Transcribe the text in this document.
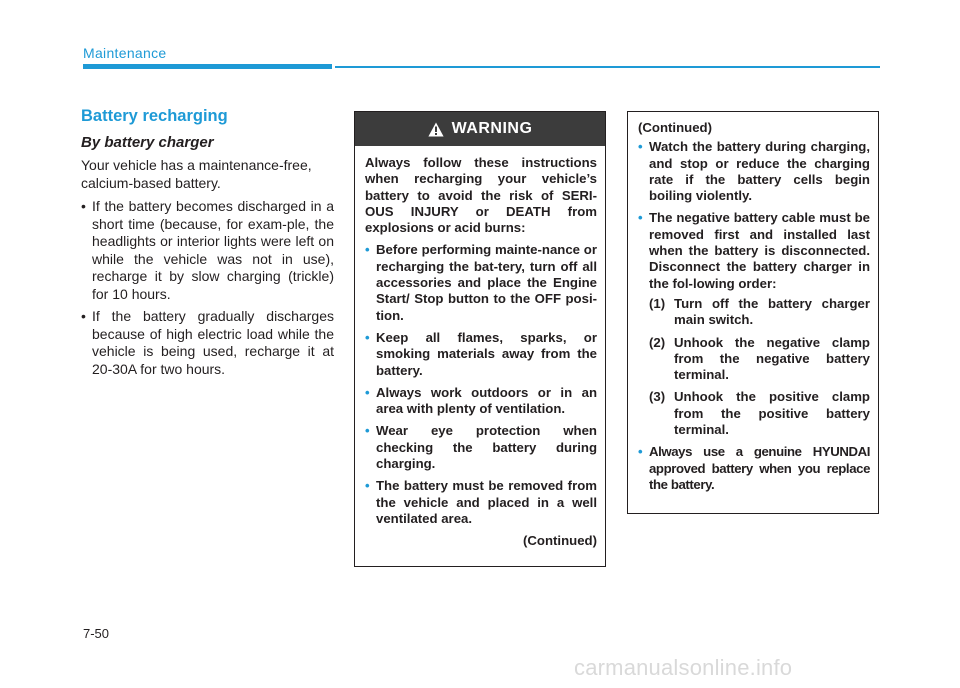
Maintenance
Battery recharging
By battery charger

Your vehicle has a maintenance-free, calcium-based battery.

• If the battery becomes discharged in a short time (because, for exam-ple, the headlights or interior lights were left on while the vehicle was not in use), recharge it by slow charging (trickle) for 10 hours.
• If the battery gradually discharges because of high electric load while the vehicle is being used, recharge it at 20-30A for two hours.
WARNING

Always follow these instructions when recharging your vehicle’s battery to avoid the risk of SERI-OUS INJURY or DEATH from explosions or acid burns:

• Before performing mainte-nance or recharging the bat-tery, turn off all accessories and place the Engine Start/ Stop button to the OFF posi-tion.
• Keep all flames, sparks, or smoking materials away from the battery.
• Always work outdoors or in an area with plenty of ventilation.
• Wear eye protection when checking the battery during charging.
• The battery must be removed from the vehicle and placed in a well ventilated area.
(Continued)

(Continued)

• Watch the battery during charging, and stop or reduce the charging rate if the battery cells begin boiling violently.
• The negative battery cable must be removed first and installed last when the battery is disconnected. Disconnect the battery charger in the fol-lowing order:
(1) Turn off the battery charger main switch.
(2) Unhook the negative clamp from the negative battery terminal.
(3) Unhook the positive clamp from the positive battery terminal.
• Always use a genuine HYUNDAI approved battery when you replace the battery.
7-50
carmanualsonline.info
